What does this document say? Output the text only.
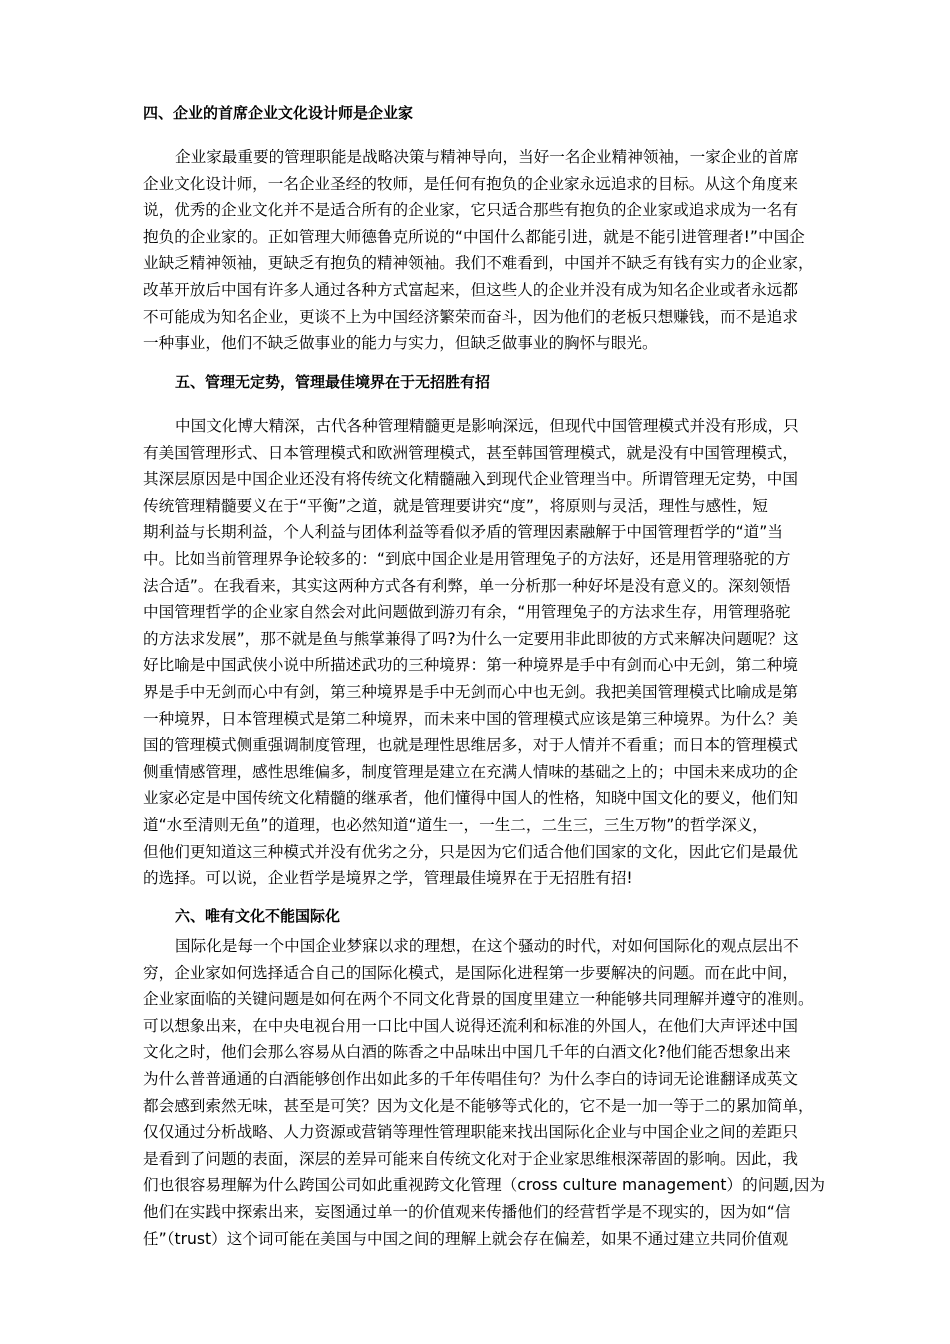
四、企业的首席企业文化设计师是企业家

企业家最重要的管理职能是战略决策与精神导向，当好一名企业精神领袖，一家企业的首席

企业文化设计师，一名企业圣经的牧师，是任何有抱负的企业家永远追求的目标。从这个角度来

说，优秀的企业文化并不是适合所有的企业家，它只适合那些有抱负的企业家或追求成为一名有

抱负的企业家的。正如管理大师德鲁克所说的“中国什么都能引进，就是不能引进管理者!”中国企

业缺乏精神领袖，更缺乏有抱负的精神领袖。我们不难看到，中国并不缺乏有钱有实力的企业家，

改革开放后中国有许多人通过各种方式富起来，但这些人的企业并没有成为知名企业或者永远都

不可能成为知名企业，更谈不上为中国经济繁荣而奋斗，因为他们的老板只想赚钱，而不是追求

一种事业，他们不缺乏做事业的能力与实力，但缺乏做事业的胸怀与眼光。

五、管理无定势，管理最佳境界在于无招胜有招

中国文化博大精深，古代各种管理精髓更是影响深远，但现代中国管理模式并没有形成，只

有美国管理形式、日本管理模式和欧洲管理模式，甚至韩国管理模式，就是没有中国管理模式，

其深层原因是中国企业还没有将传统文化精髓融入到现代企业管理当中。所谓管理无定势，中国

传统管理精髓要义在于“平衡”之道，就是管理要讲究“度”，将原则与灵活，理性与感性，短

期利益与长期利益，个人利益与团体利益等看似矛盾的管理因素融解于中国管理哲学的“道”当

中。比如当前管理界争论较多的：“到底中国企业是用管理兔子的方法好，还是用管理骆驼的方

法合适”。在我看来，其实这两种方式各有利弊，单一分析那一种好坏是没有意义的。深刻领悟

中国管理哲学的企业家自然会对此问题做到游刃有余，“用管理兔子的方法求生存，用管理骆驼

的方法求发展”，那不就是鱼与熊掌兼得了吗?为什么一定要用非此即彼的方式来解决问题呢？这

好比喻是中国武侠小说中所描述武功的三种境界：第一种境界是手中有剑而心中无剑，第二种境

界是手中无剑而心中有剑，第三种境界是手中无剑而心中也无剑。我把美国管理模式比喻成是第

一种境界，日本管理模式是第二种境界，而未来中国的管理模式应该是第三种境界。为什么？美

国的管理模式侧重强调制度管理，也就是理性思维居多，对于人情并不看重；而日本的管理模式

侧重情感管理，感性思维偏多，制度管理是建立在充满人情味的基础之上的；中国未来成功的企

业家必定是中国传统文化精髓的继承者，他们懂得中国人的性格，知晓中国文化的要义，他们知

道“水至清则无鱼”的道理，也必然知道“道生一，一生二，二生三，三生万物”的哲学深义，

但他们更知道这三种模式并没有优劣之分，只是因为它们适合他们国家的文化，因此它们是最优

的选择。可以说，企业哲学是境界之学，管理最佳境界在于无招胜有招!

六、唯有文化不能国际化

国际化是每一个中国企业梦寐以求的理想，在这个骚动的时代，对如何国际化的观点层出不

穷，企业家如何选择适合自己的国际化模式，是国际化进程第一步要解决的问题。而在此中间，

企业家面临的关键问题是如何在两个不同文化背景的国度里建立一种能够共同理解并遵守的准则。

可以想象出来，在中央电视台用一口比中国人说得还流利和标准的外国人，在他们大声评述中国

文化之时，他们会那么容易从白酒的陈香之中品味出中国几千年的白酒文化?他们能否想象出来

为什么普普通通的白酒能够创作出如此多的千年传唱佳句？为什么李白的诗词无论谁翻译成英文

都会感到索然无味，甚至是可笑？因为文化是不能够等式化的，它不是一加一等于二的累加简单，

仅仅通过分析战略、人力资源或营销等理性管理职能来找出国际化企业与中国企业之间的差距只

是看到了问题的表面，深层的差异可能来自传统文化对于企业家思维根深蒂固的影响。因此，我

们也很容易理解为什么跨国公司如此重视跨文化管理（cross culture management）的问题,因为

他们在实践中探索出来，妄图通过单一的价值观来传播他们的经营哲学是不现实的，因为如“信

任”（trust）这个词可能在美国与中国之间的理解上就会存在偏差，如果不通过建立共同价值观
